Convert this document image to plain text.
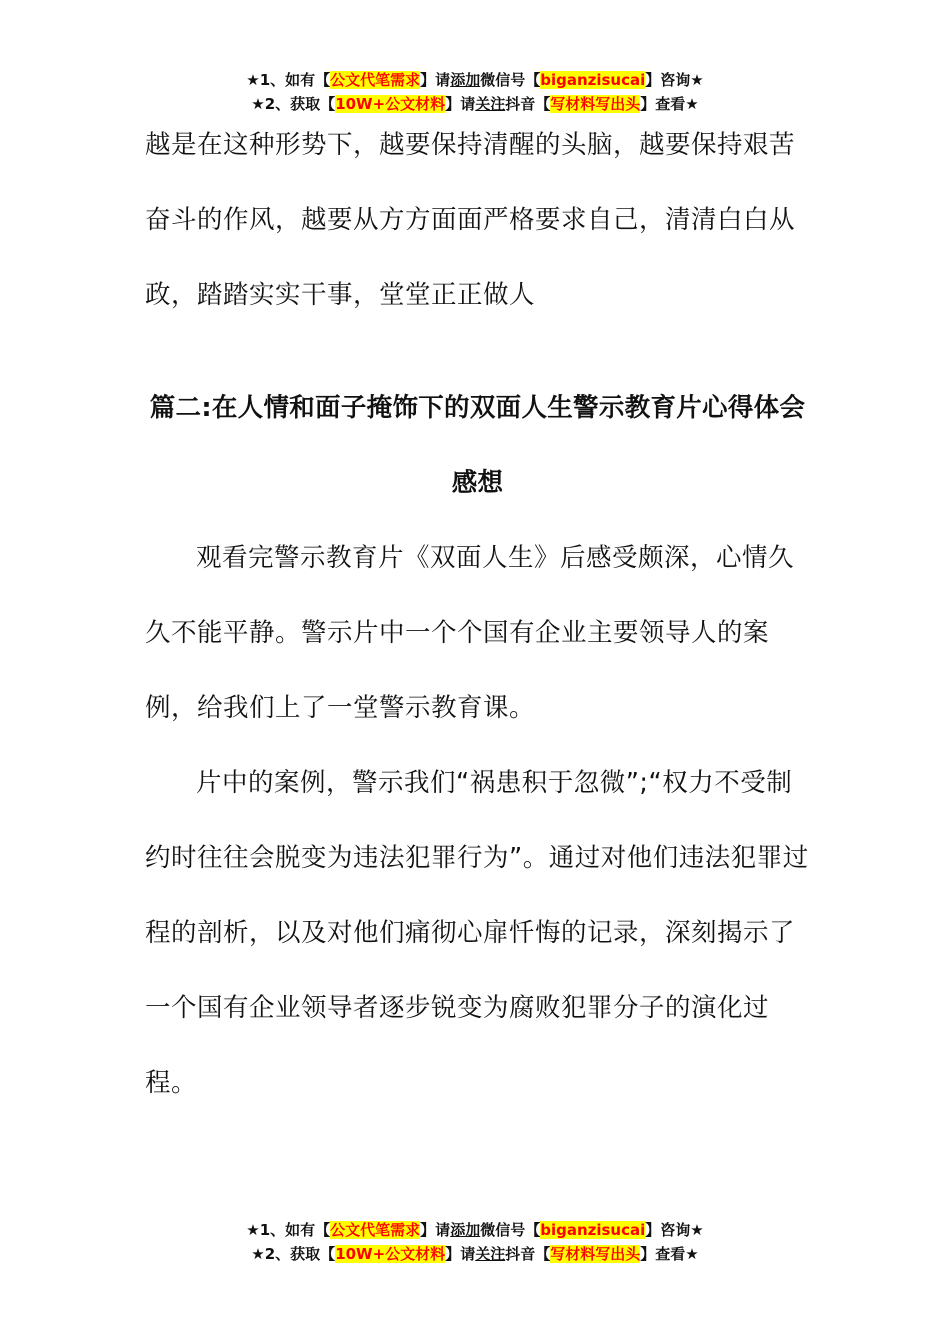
★1、如有【公文代笔需求】请添加微信号【biganzisucai】咨询★
★2、获取【10W+公文材料】请关注抖音【写材料写出头】查看★

越是在这种形势下，越要保持清醒的头脑，越要保持艰苦奋斗的作风，越要从方方面面严格要求自己，清清白白从政，踏踏实实干事，堂堂正正做人

篇二:在人情和面子掩饰下的双面人生警示教育片心得体会感想

观看完警示教育片《双面人生》后感受颇深，心情久久不能平静。警示片中一个个国有企业主要领导人的案例，给我们上了一堂警示教育课。

片中的案例，警示我们“祸患积于忽微”;“权力不受制约时往往会脱变为违法犯罪行为”。通过对他们违法犯罪过程的剖析，以及对他们痛彻心扉忏悔的记录，深刻揭示了一个国有企业领导者逐步锐变为腐败犯罪分子的演化过程。

★1、如有【公文代笔需求】请添加微信号【biganzisucai】咨询★
★2、获取【10W+公文材料】请关注抖音【写材料写出头】查看★
